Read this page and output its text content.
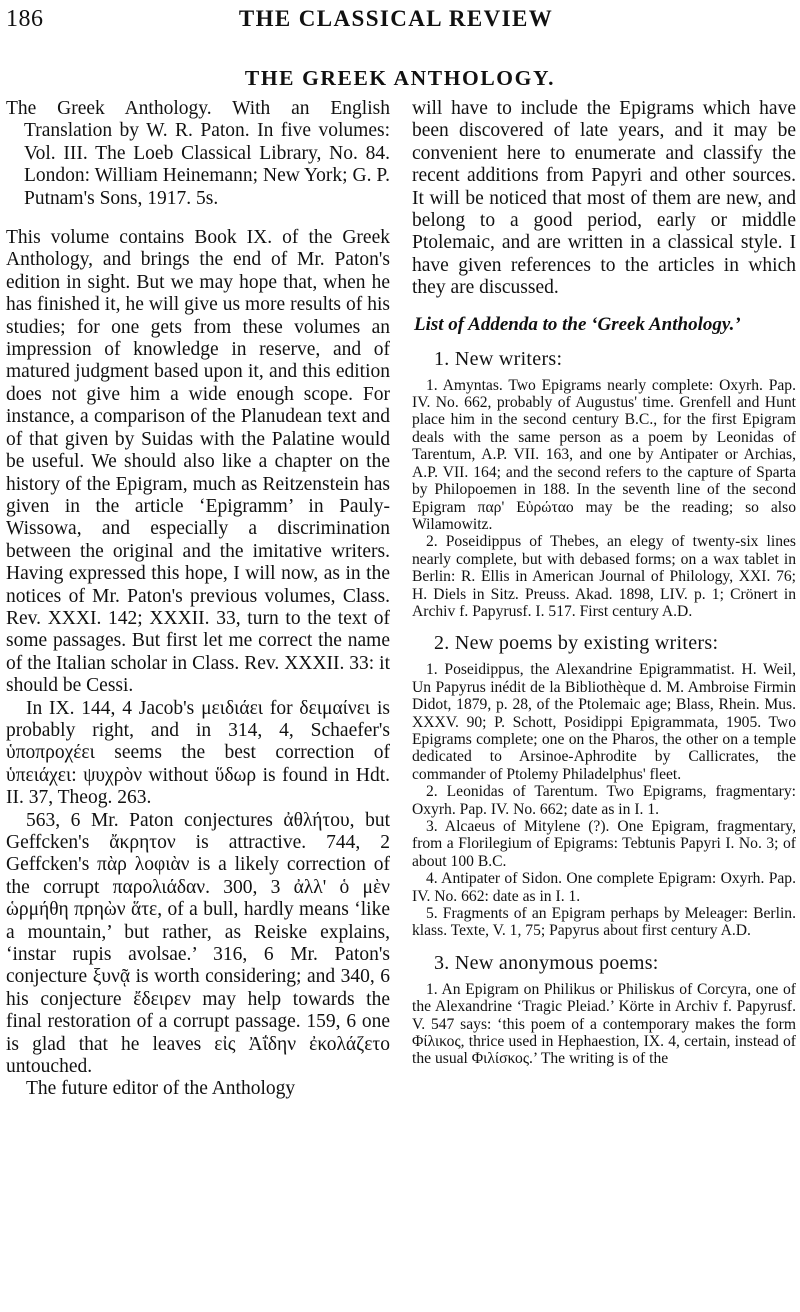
186	THE CLASSICAL REVIEW
THE GREEK ANTHOLOGY.

The Greek Anthology. With an English Translation by W. R. Paton. In five volumes: Vol. III. The Loeb Classical Library, No. 84. London: William Heinemann; New York; G. P. Putnam's Sons, 1917. 5s.

This volume contains Book IX. of the Greek Anthology, and brings the end of Mr. Paton's edition in sight. But we may hope that, when he has finished it, he will give us more results of his studies; for one gets from these volumes an impression of knowledge in reserve, and of matured judgment based upon it, and this edition does not give him a wide enough scope. For instance, a comparison of the Planudean text and of that given by Suidas with the Palatine would be useful. We should also like a chapter on the history of the Epigram, much as Reitzenstein has given in the article ‘Epigramm’ in Pauly-Wissowa, and especially a discrimination between the original and the imitative writers. Having expressed this hope, I will now, as in the notices of Mr. Paton's previous volumes, Class. Rev. XXXI. 142; XXXII. 33, turn to the text of some passages. But first let me correct the name of the Italian scholar in Class. Rev. XXXII. 33: it should be Cessi.

In IX. 144, 4 Jacob's μειδιάει for δειμαίνει is probably right, and in 314, 4, Schaefer's ὑποπροχέει seems the best correction of ὑπειάχει: ψυχρὸν without ὕδωρ is found in Hdt. II. 37, Theog. 263.

563, 6 Mr. Paton conjectures ἀθλήτου, but Geffcken's ἄκρητον is attractive. 744, 2 Geffcken's πὰρ λοφιὰν is a likely correction of the corrupt παρολιάδαν. 300, 3 ἀλλ' ὁ μὲν ὡρμήθη πρηὼν ἅτε, of a bull, hardly means ‘like a mountain,’ but rather, as Reiske explains, ‘instar rupis avolsae.’ 316, 6 Mr. Paton's conjecture ξυνᾷ is worth considering; and 340, 6 his conjecture ἔδειρεν may help towards the final restoration of a corrupt passage. 159, 6 one is glad that he leaves εἰς Ἀΐδην ἐκολάζετο untouched.

The future editor of the Anthology

will have to include the Epigrams which have been discovered of late years, and it may be convenient here to enumerate and classify the recent additions from Papyri and other sources. It will be noticed that most of them are new, and belong to a good period, early or middle Ptolemaic, and are written in a classical style. I have given references to the articles in which they are discussed.

List of Addenda to the ‘Greek Anthology.’

1. New writers:

1. Amyntas. Two Epigrams nearly complete: Oxyrh. Pap. IV. No. 662, probably of Augustus' time. Grenfell and Hunt place him in the second century B.C., for the first Epigram deals with the same person as a poem by Leonidas of Tarentum, A.P. VII. 163, and one by Antipater or Archias, A.P. VII. 164; and the second refers to the capture of Sparta by Philopoemen in 188. In the seventh line of the second Epigram παρ' Εὐρώταο may be the reading; so also Wilamowitz.

2. Poseidippus of Thebes, an elegy of twenty-six lines nearly complete, but with debased forms; on a wax tablet in Berlin: R. Ellis in American Journal of Philology, XXI. 76; H. Diels in Sitz. Preuss. Akad. 1898, LIV. p. 1; Crönert in Archiv f. Papyrusf. I. 517. First century A.D.

2. New poems by existing writers:

1. Poseidippus, the Alexandrine Epigrammatist. H. Weil, Un Papyrus inédit de la Bibliothèque d. M. Ambroise Firmin Didot, 1879, p. 28, of the Ptolemaic age; Blass, Rhein. Mus. XXXV. 90; P. Schott, Posidippi Epigrammata, 1905. Two Epigrams complete; one on the Pharos, the other on a temple dedicated to Arsinoe-Aphrodite by Callicrates, the commander of Ptolemy Philadelphus' fleet.

2. Leonidas of Tarentum. Two Epigrams, fragmentary: Oxyrh. Pap. IV. No. 662; date as in I. 1.

3. Alcaeus of Mitylene (?). One Epigram, fragmentary, from a Florilegium of Epigrams: Tebtunis Papyri I. No. 3; of about 100 B.C.

4. Antipater of Sidon. One complete Epigram: Oxyrh. Pap. IV. No. 662: date as in I. 1.

5. Fragments of an Epigram perhaps by Meleager: Berlin. klass. Texte, V. 1, 75; Papyrus about first century A.D.

3. New anonymous poems:

1. An Epigram on Philikus or Philiskus of Corcyra, one of the Alexandrine ‘Tragic Pleiad.’ Körte in Archiv f. Papyrusf. V. 547 says: ‘this poem of a contemporary makes the form Φίλικος, thrice used in Hephaestion, IX. 4, certain, instead of the usual Φιλίσκος.’ The writing is of the
